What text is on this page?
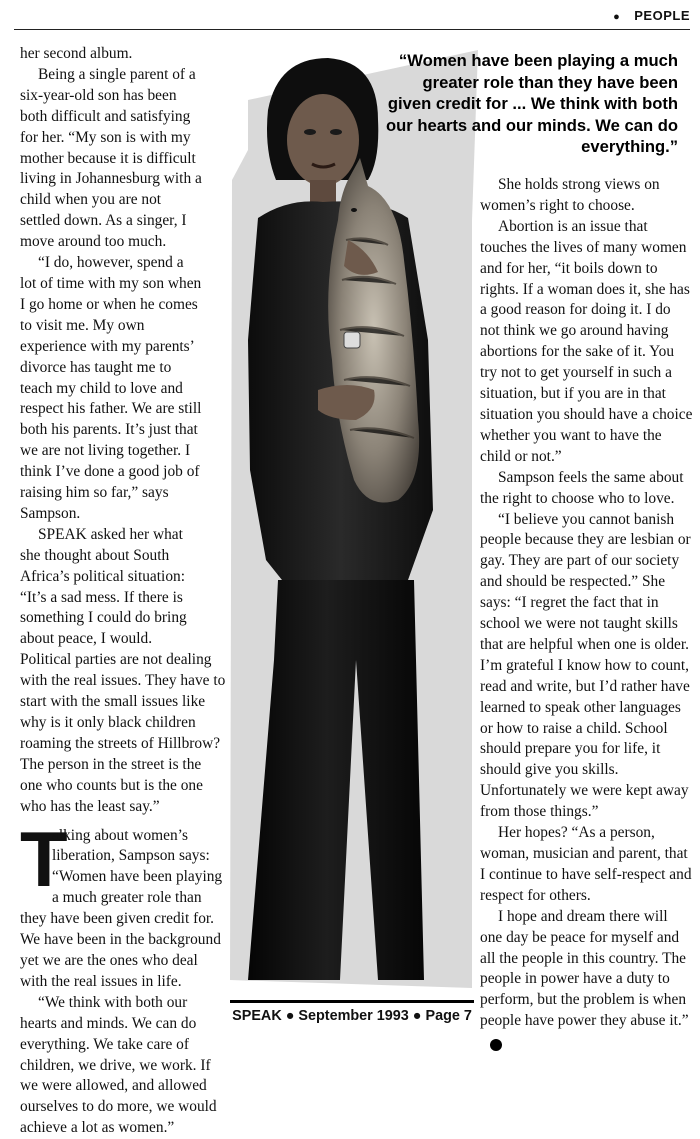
● PEOPLE
“Women have been playing a much greater role than they have been given credit for ... We think with both our hearts and our minds. We can do everything.”

her second album.

Being a single parent of a six-year-old son has been both difficult and satisfying for her. “My son is with my mother because it is difficult living in Johannesburg with a child when you are not settled down. As a singer, I move around too much.

“I do, however, spend a lot of time with my son when I go home or when he comes to visit me. My own experience with my parents’ divorce has taught me to teach my child to love and respect his father. We are still both his parents. It’s just that we are not living together. I think I’ve done a good job of raising him so far,” says Sampson.

SPEAK asked her what she thought about South Africa’s political situation: “It’s a sad mess. If there is something I could do bring about peace, I would. Political parties are not dealing with the real issues. They have to start with the small issues like why is it only black children roaming the streets of Hillbrow? The person in the street is the one who counts but is the one who has the least say.”

T
alking about women’s liberation, Sampson says: “Women have been playing a much greater role than they have been given credit for. We have been in the background yet we are the ones who deal with the real issues in life.

“We think with both our hearts and minds. We can do everything. We take care of children, we drive, we work. If we were allowed, and allowed ourselves to do more, we would achieve a lot as women.”

She holds strong views on women’s right to choose.

Abortion is an issue that touches the lives of many women and for her, “it boils down to rights. If a woman does it, she has a good reason for doing it. I do not think we go around having abortions for the sake of it. You try not to get yourself in such a situation, but if you are in that situation you should have a choice whether you want to have the child or not.”

Sampson feels the same about the right to choose who to love.

“I believe you cannot banish people because they are lesbian or gay. They are part of our society and should be respected.” She says: “I regret the fact that in school we were not taught skills that are helpful when one is older. I’m grateful I know how to count, read and write, but I’d rather have learned to speak other languages or how to raise a child. School should prepare you for life, it should give you skills. Unfortunately we were kept away from those things.”

Her hopes? “As a person, woman, musician and parent, that I continue to have self-respect and respect for others.

I hope and dream there will one day be peace for myself and all the people in this country. The people in power have a duty to perform, but the problem is when people have power they abuse it.”✪

SPEAK ● September 1993 ● Page 7
